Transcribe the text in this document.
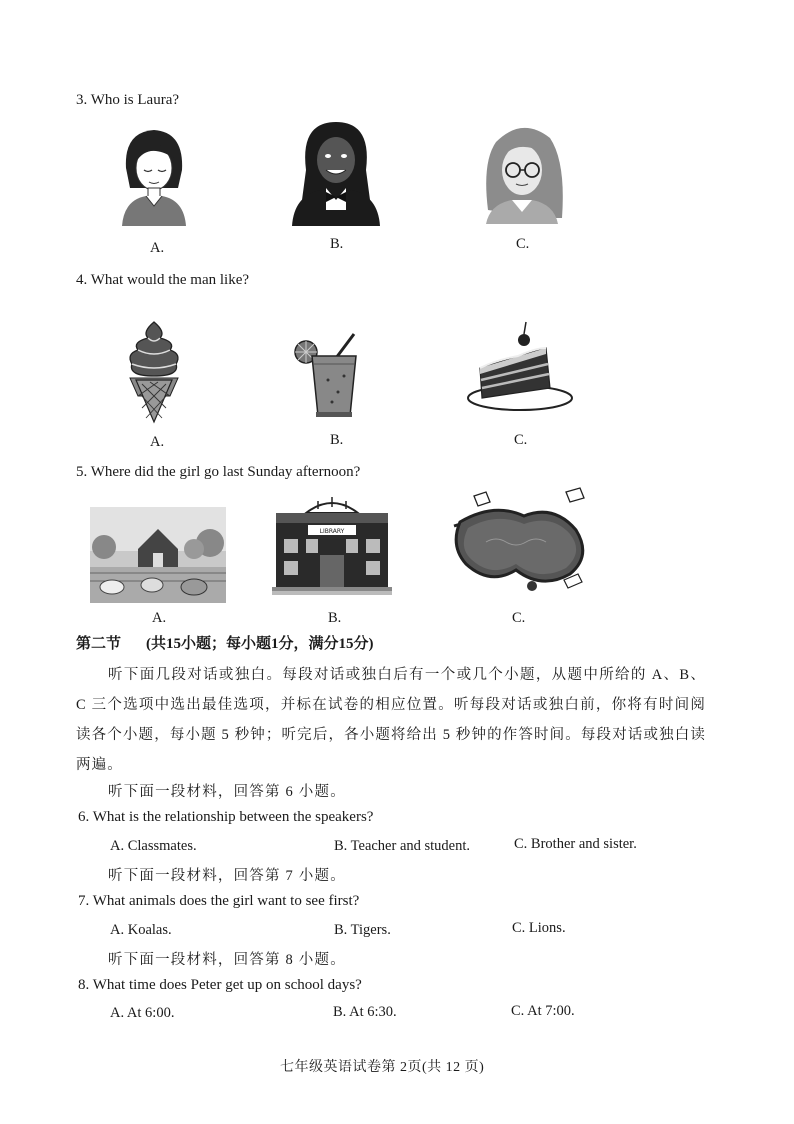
3. Who is Laura?
A.	B.	C.
4. What would the man like?
A.	B.	C.
5. Where did the girl go last Sunday afternoon?
LIBRARY
A.	B.	C.
第二节 (共15小题；每小题1分，满分15分)
听下面几段对话或独白。每段对话或独白后有一个或几个小题，从题中所给的 A、B、C 三个选项中选出最佳选项，并标在试卷的相应位置。听每段对话或独白前，你将有时间阅读各个小题，每小题 5 秒钟；听完后，各小题将给出 5 秒钟的作答时间。每段对话或独白读两遍。
听下面一段材料，回答第 6 小题。
6. What is the relationship between the speakers?
A. Classmates.	B. Teacher and student.	C. Brother and sister.
听下面一段材料，回答第 7 小题。
7. What animals does the girl want to see first?
A. Koalas.	B. Tigers.	C. Lions.
听下面一段材料，回答第 8 小题。
8. What time does Peter get up on school days?
A. At 6:00.	B. At 6:30.	C. At 7:00.
七年级英语试卷第 2页(共 12 页)
